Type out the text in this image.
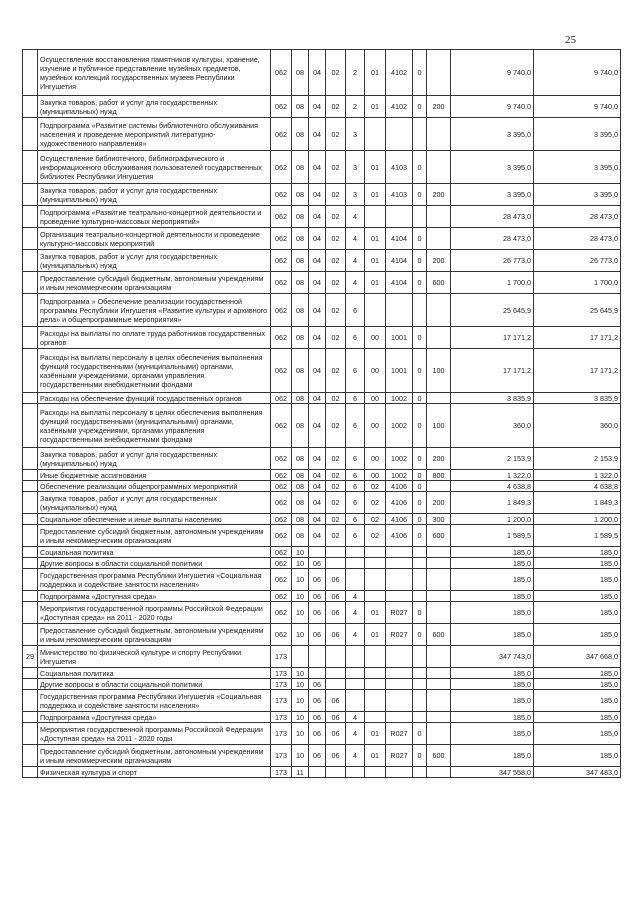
25
	Осуществление восстановления памятников культуры, хранение, изучение и публичное представление музейных предметов, музейных коллекций государственных музеев Республики Ингушетия	062	08	04	02	2	01	4102	0		9 740,0	9 740,0
	Закупка товаров, работ и услуг для государственных (муниципальных) нужд	062	08	04	02	2	01	4102	0	200	9 740,0	9 740,0
	Подпрограмма «Развитие системы библиотечного обслуживания населения и проведение мероприятий литературно-художественного направления»	062	08	04	02	3					3 395,0	3 395,0
	Осуществление библиотечного, библиографического и информационного обслуживания пользователей государственных библиотек Республики Ингушетия	062	08	04	02	3	01	4103	0		3 395,0	3 395,0
	Закупка товаров, работ и услуг для государственных (муниципальных) нужд	062	08	04	02	3	01	4103	0	200	3 395,0	3 395,0
	Подпрограмма «Развитие театрально-концертной деятельности и проведение культурно-массовых мероприятий»	062	08	04	02	4					28 473,0	28 473,0
	Организация театрально-концертной деятельности и проведение культурно-массовых мероприятий	062	08	04	02	4	01	4104	0		28 473,0	28 473,0
	Закупка товаров, работ и услуг для государственных (муниципальных) нужд	062	08	04	02	4	01	4104	0	200	26 773,0	26 773,0
	Предоставление субсидий бюджетным, автономным учреждениям и иным некоммерческим организациям	062	08	04	02	4	01	4104	0	600	1 700,0	1 700,0
	Подпрограмма » Обеспечение реализации государственной программы Республики Ингушетия «Развитие культуры и архивного дела» и общепрограммные мероприятия»	062	08	04	02	6					25 645,9	25 645,9
	Расходы на выплаты по оплате труда работников государственных органов	062	08	04	02	6	00	1001	0		17 171,2	17 171,2
	Расходы на выплаты персоналу в целях обеспечения выполнения функций государственными (муниципальными) органами, казёнными учреждениями, органами управления государственными внебюджетными фондами	062	08	04	02	6	00	1001	0	100	17 171,2	17 171,2
	Расходы на обеспечение функций государственных органов	062	08	04	02	6	00	1002	0		3 835,9	3 835,9
	Расходы на выплаты персоналу в целях обеспечения выполнения функций государственными (муниципальными) органами, казёнными учреждениями, органами управления государственными внебюджетными фондами	062	08	04	02	6	00	1002	0	100	360,0	360,0
	Закупка товаров, работ и услуг для государственных (муниципальных) нужд	062	08	04	02	6	00	1002	0	200	2 153,9	2 153,9
	Иные бюджетные ассигнования	062	08	04	02	6	00	1002	0	800	1 322,0	1 322,0
	Обеспечение реализации общепрограммных мероприятий	062	08	04	02	6	02	4106	0		4 638,8	4 638,8
	Закупка товаров, работ и услуг для государственных (муниципальных) нужд	062	08	04	02	6	02	4106	0	200	1 849,3	1 849,3
	Социальное обеспечение и иные выплаты населению	062	08	04	02	6	02	4106	0	300	1 200,0	1 200,0
	Предоставление субсидий бюджетным, автономным учреждениям и иным некоммерческим организациям	062	08	04	02	6	02	4106	0	600	1 589,5	1 589,5
	Социальная политика	062	10								185,0	185,0
	Другие вопросы в области социальной политики	062	10	06							185,0	185,0
	Государственная программа Республики Ингушетия «Социальная поддержка и содействие занятости населения»	062	10	06	06						185,0	185,0
	Подпрограмма «Доступная среда»	062	10	06	06	4					185,0	185,0
	Мероприятия государственной программы Российской Федерации «Доступная среда» на 2011 - 2020 годы	062	10	06	06	4	01	R027	0		185,0	185,0
	Предоставление субсидий бюджетным, автономным учреждениям и иным некоммерческим организациям	062	10	06	06	4	01	R027	0	600	185,0	185,0
29	Министерство по физической культуре и спорту Республики Ингушетия	173									347 743,0	347 668,0
	Социальная политика	173	10								185,0	185,0
	Другие вопросы в области социальной политики	173	10	06							185,0	185,0
	Государственная программа Республики Ингушетия «Социальная поддержка и содействие занятости населения»	173	10	06	06						185,0	185,0
	Подпрограмма «Доступная среда»	173	10	06	06	4					185,0	185,0
	Мероприятия государственной программы Российской Федерации «Доступная среда» на 2011 - 2020 годы	173	10	06	06	4	01	R027	0		185,0	185,0
	Предоставление субсидий бюджетным, автономным учреждениям и иным некоммерческим организациям	173	10	06	06	4	01	R027	0	600	185,0	185,0
	Физическая культура и спорт	173	11								347 558,0	347 483,0
